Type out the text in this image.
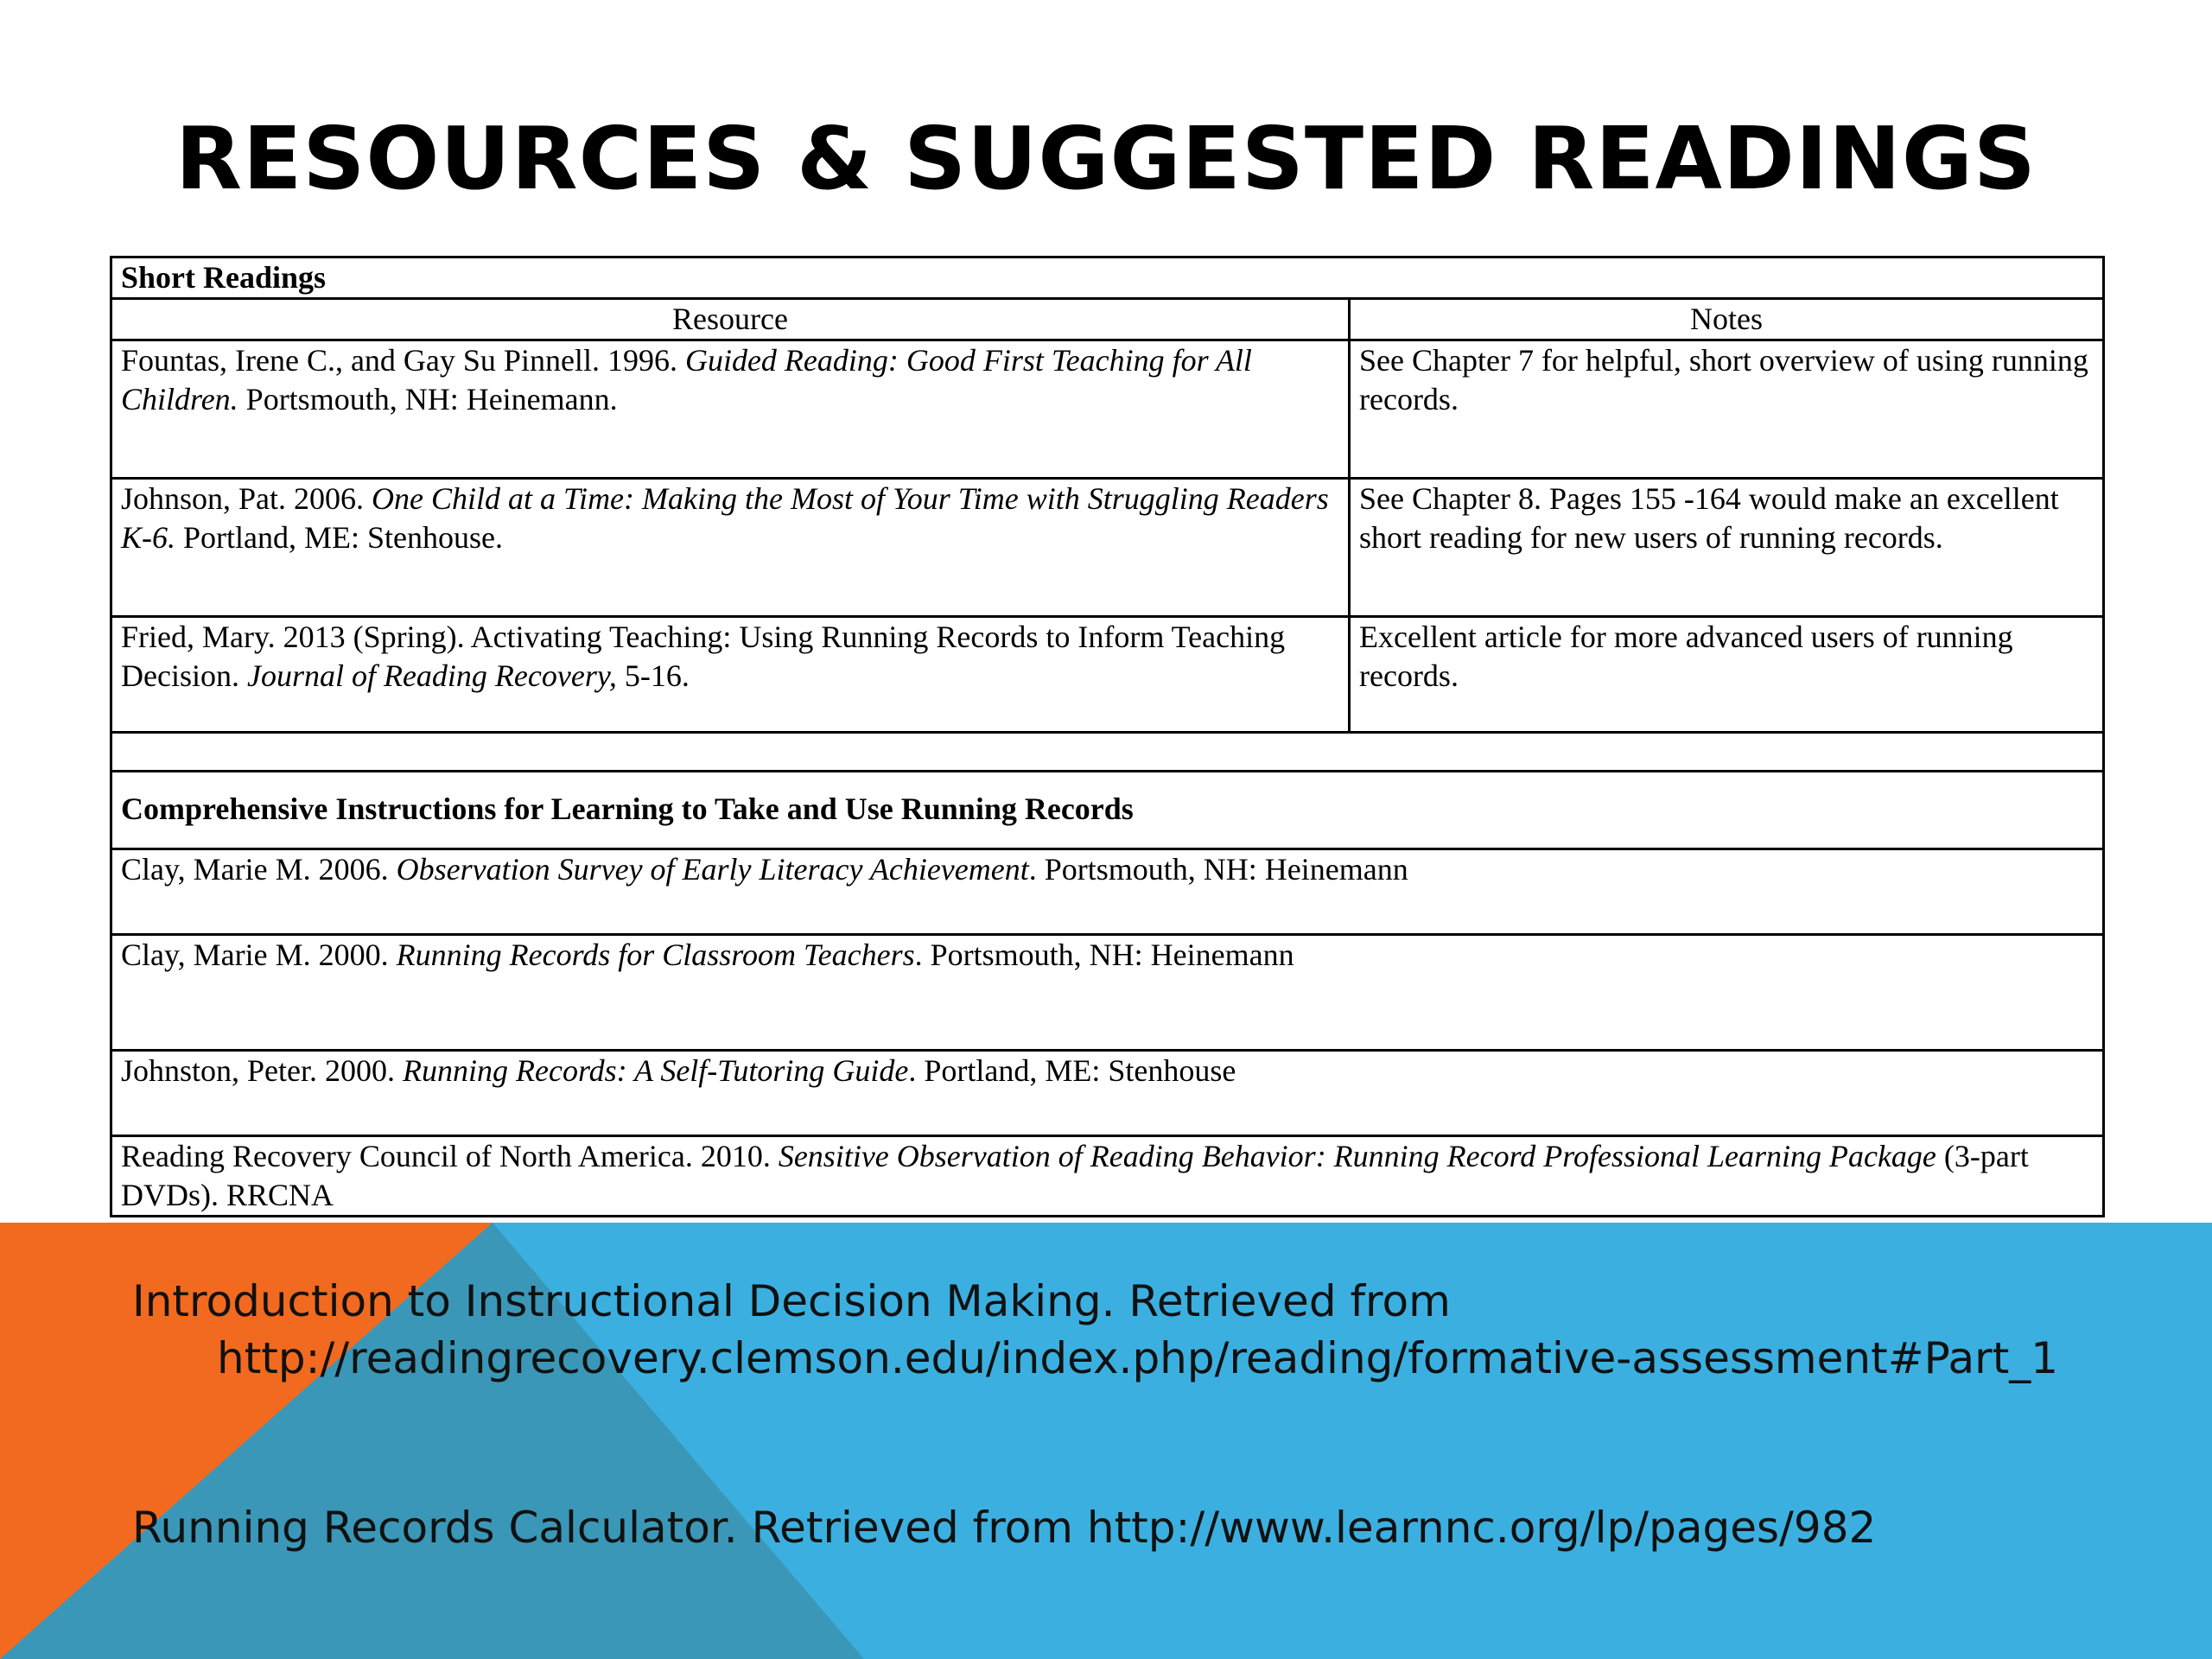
RESOURCES & SUGGESTED READINGS
Short Readings	
Resource	Notes
Fountas, Irene C., and Gay Su Pinnell. 1996. Guided Reading: Good First Teaching for All Children. Portsmouth, NH: Heinemann.	See Chapter 7 for helpful, short overview of using running records.
Johnson, Pat. 2006. One Child at a Time: Making the Most of Your Time with Struggling Readers K-6. Portland, ME: Stenhouse.	See Chapter 8. Pages 155 -164 would make an excellent short reading for new users of running records.
Fried, Mary. 2013 (Spring). Activating Teaching: Using Running Records to Inform Teaching Decision. Journal of Reading Recovery, 5-16.	Excellent article for more advanced users of running records.

Comprehensive Instructions for Learning to Take and Use Running Records	
Clay, Marie M. 2006. Observation Survey of Early Literacy Achievement. Portsmouth, NH: Heinemann	
Clay, Marie M. 2000. Running Records for Classroom Teachers. Portsmouth, NH: Heinemann	
Johnston, Peter. 2000. Running Records: A Self-Tutoring Guide. Portland, ME: Stenhouse	
Reading Recovery Council of North America. 2010. Sensitive Observation of Reading Behavior: Running Record Professional Learning Package (3-part DVDs). RRCNA	
Introduction to Instructional Decision Making. Retrieved from
http://readingrecovery.clemson.edu/index.php/reading/formative-assessment#Part_1
Running Records Calculator. Retrieved from http://www.learnnc.org/lp/pages/982
